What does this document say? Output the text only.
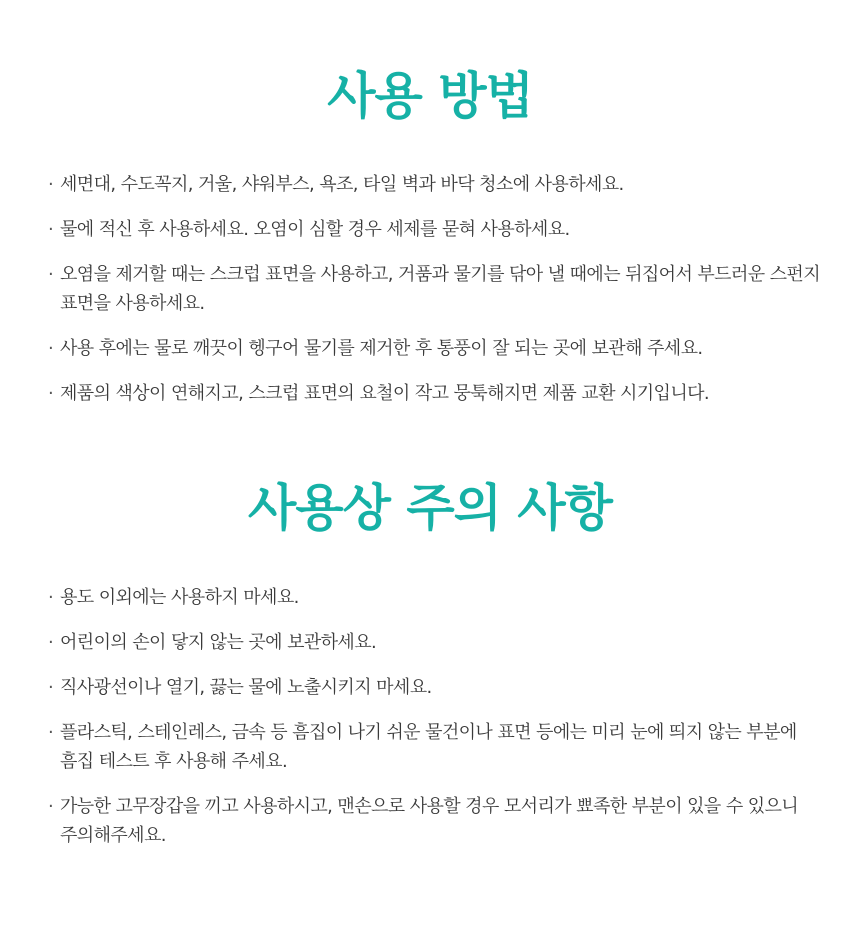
사용 방법
· 세면대, 수도꼭지, 거울, 샤워부스, 욕조, 타일 벽과 바닥 청소에 사용하세요.
· 물에 적신 후 사용하세요. 오염이 심할 경우 세제를 묻혀 사용하세요.
· 오염을 제거할 때는 스크럽 표면을 사용하고, 거품과 물기를 닦아 낼 때에는 뒤집어서 부드러운 스펀지 표면을 사용하세요.
· 사용 후에는 물로 깨끗이 헹구어 물기를 제거한 후 통풍이 잘 되는 곳에 보관해 주세요.
· 제품의 색상이 연해지고, 스크럽 표면의 요철이 작고 뭉툭해지면 제품 교환 시기입니다.
사용상 주의 사항
· 용도 이외에는 사용하지 마세요.
· 어린이의 손이 닿지 않는 곳에 보관하세요.
· 직사광선이나 열기, 끓는 물에 노출시키지 마세요.
· 플라스틱, 스테인레스, 금속 등 흠집이 나기 쉬운 물건이나 표면 등에는 미리 눈에 띄지 않는 부분에 흠집 테스트 후 사용해 주세요.
· 가능한 고무장갑을 끼고 사용하시고, 맨손으로 사용할 경우 모서리가 뾰족한 부분이 있을 수 있으니 주의해주세요.
